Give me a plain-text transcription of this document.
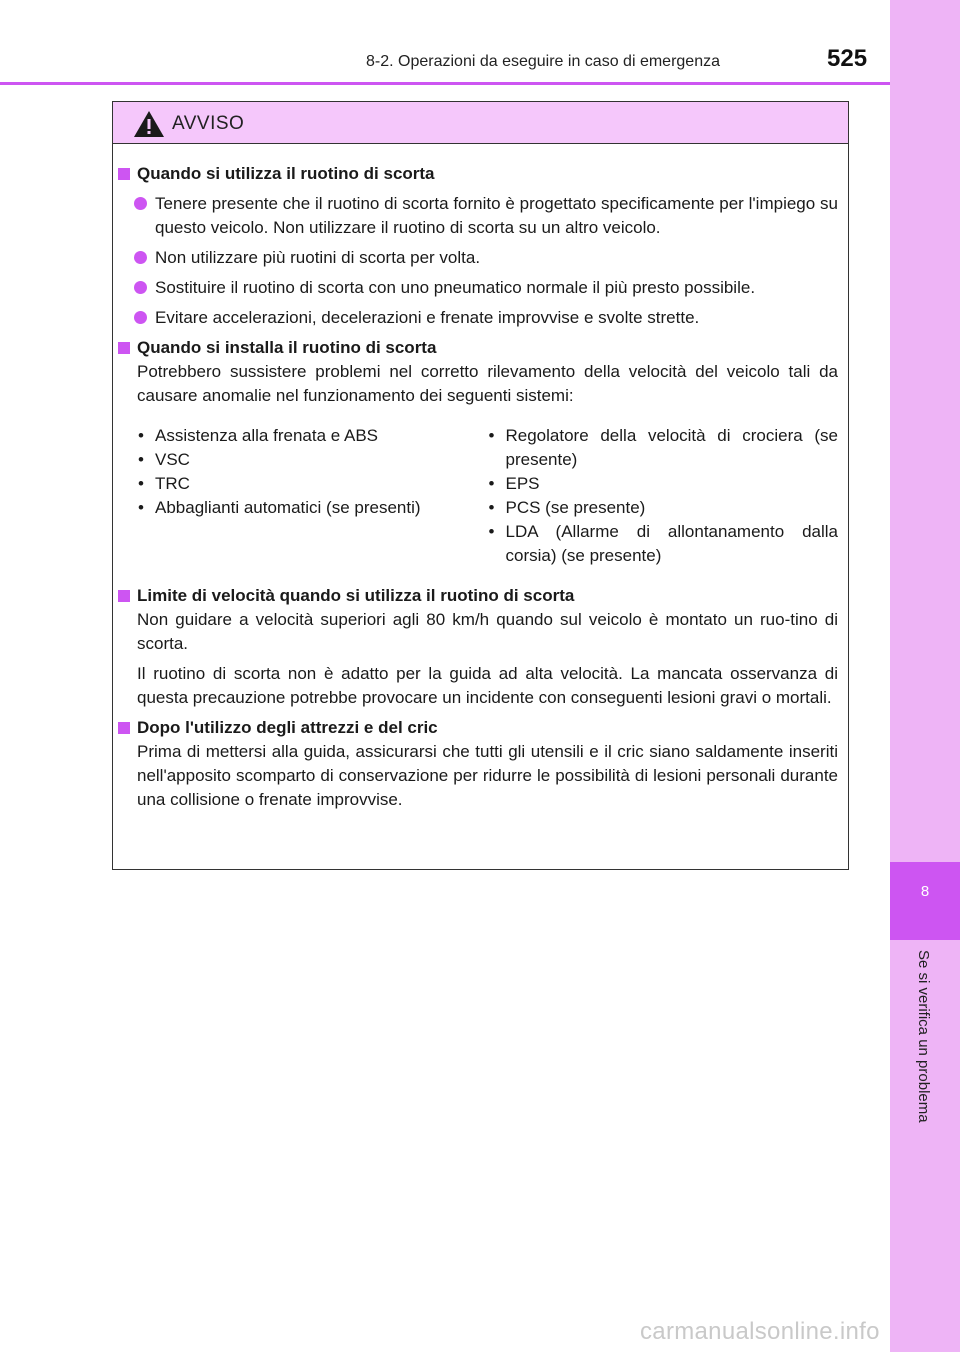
8
Se si verifica un problema
8-2. Operazioni da eseguire in caso di emergenza	525
AVVISO
Quando si utilizza il ruotino di scorta
Tenere presente che il ruotino di scorta fornito è progettato specificamente per l'impiego su questo veicolo. Non utilizzare il ruotino di scorta su un altro veicolo.
Non utilizzare più ruotini di scorta per volta.
Sostituire il ruotino di scorta con uno pneumatico normale il più presto possibile.
Evitare accelerazioni, decelerazioni e frenate improvvise e svolte strette.
Quando si installa il ruotino di scorta
Potrebbero sussistere problemi nel corretto rilevamento della velocità del veicolo tali da causare anomalie nel funzionamento dei seguenti sistemi:
• Assistenza alla frenata e ABS
• VSC
• TRC
• Abbaglianti automatici (se presenti)
• Regolatore della velocità di crociera (se presente)
• EPS
• PCS (se presente)
• LDA (Allarme di allontanamento dalla corsia) (se presente)
Limite di velocità quando si utilizza il ruotino di scorta
Non guidare a velocità superiori agli 80 km/h quando sul veicolo è montato un ruo-tino di scorta.
Il ruotino di scorta non è adatto per la guida ad alta velocità. La mancata osservanza di questa precauzione potrebbe provocare un incidente con conseguenti lesioni gravi o mortali.
Dopo l'utilizzo degli attrezzi e del cric
Prima di mettersi alla guida, assicurarsi che tutti gli utensili e il cric siano saldamente inseriti nell'apposito scomparto di conservazione per ridurre le possibilità di lesioni personali durante una collisione o frenate improvvise.
carmanualsonline.info
